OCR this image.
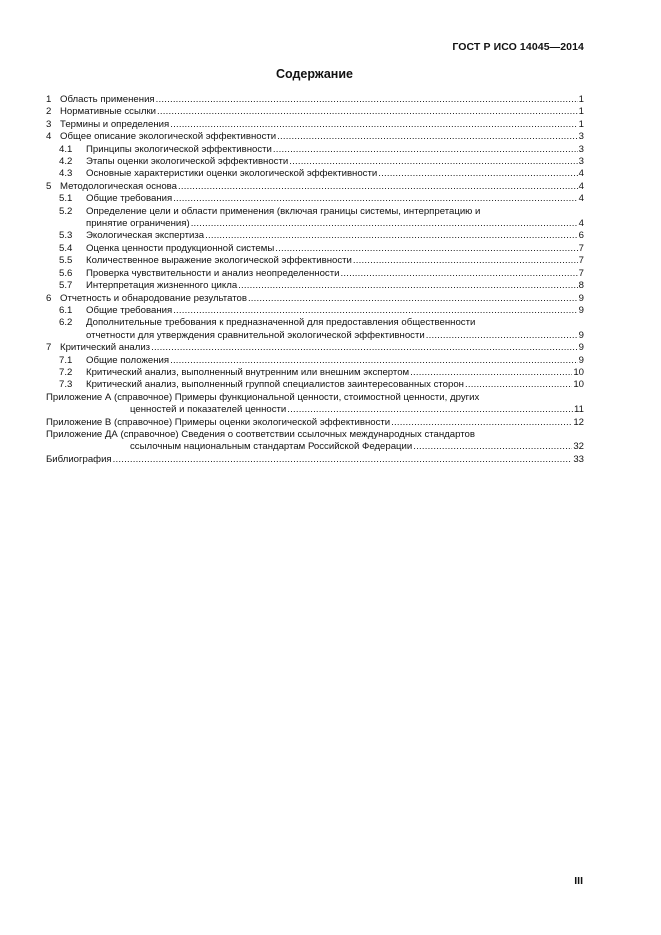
ГОСТ Р ИСО 14045—2014
Содержание
1 Область применения .....	1
2 Нормативные ссылки .....	1
3 Термины и определения .....	1
4 Общее описание экологической эффективности .....	3
4.1	Принципы экологической эффективности .....	3
4.2	Этапы оценки экологической эффективности .....	3
4.3	Основные характеристики оценки экологической эффективности .....	4
5 Методологическая основа .....	4
5.1	Общие требования .....	4
5.2	Определение цели и области применения (включая границы системы, интерпретацию и
принятие ограничения) .....	4
5.3	Экологическая экспертиза .....	6
5.4	Оценка ценности продукционной системы .....	7
5.5	Количественное выражение экологической эффективности .....	7
5.6	Проверка чувствительности и анализ неопределенности .....	7
5.7	Интерпретация жизненного цикла .....	8
6 Отчетность и обнародование результатов .....	9
6.1	Общие требования .....	9
6.2	Дополнительные требования к предназначенной для предоставления общественности
отчетности для утверждения сравнительной экологической эффективности .....	9
7 Критический анализ .....	9
7.1	Общие положения .....	9
7.2	Критический анализ, выполненный внутренним или внешним экспертом .....	10
7.3	Критический анализ, выполненный группой специалистов заинтересованных сторон .....	10
Приложение А (справочное) Примеры функциональной ценности, стоимостной ценности, других
ценностей и показателей ценности .....	11
Приложение В (справочное) Примеры оценки экологической эффективности .....	12
Приложение ДА (справочное) Сведения о соответствии ссылочных международных стандартов
ссылочным национальным стандартам Российской Федерации .....	32
Библиография .....	33
III
